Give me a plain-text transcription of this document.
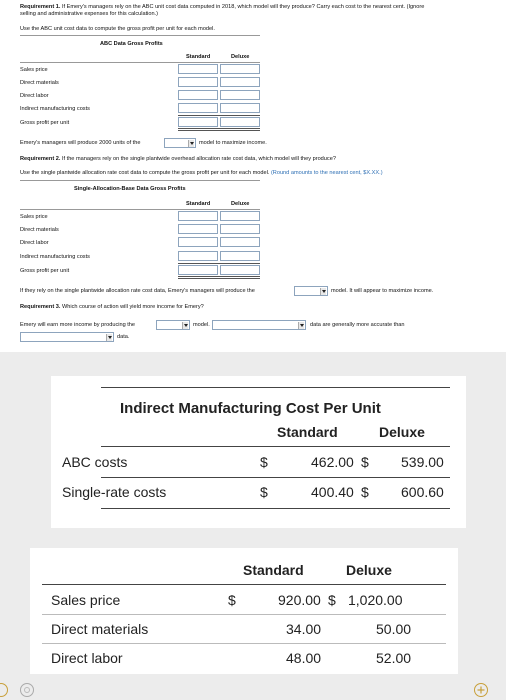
Requirement 1. If Emery's managers rely on the ABC unit cost data computed in 2018, which model will they produce? Carry each cost to the nearest cent. (Ignore
selling and administrative expenses for this calculation.)
Use the ABC unit cost data to compute the gross profit per unit for each model.
ABC Data Gross Profits
Standard	Deluxe
Sales price
Direct materials
Direct labor
Indirect manufacturing costs
Gross profit per unit
Emery's managers will produce 2000 units of the	model to maximize income.
Requirement 2. If the managers rely on the single plantwide overhead allocation rate cost data, which model will they produce?
Use the single plantwide allocation rate cost data to compute the gross profit per unit for each model. (Round amounts to the nearest cent, $X.XX.)
Single-Allocation-Base Data Gross Profits
Standard	Deluxe
Sales price
Direct materials
Direct labor
Indirect manufacturing costs
Gross profit per unit
If they rely on the single plantwide allocation rate cost data, Emery's managers will produce the	model. It will appear to maximize income.
Requirement 3. Which course of action will yield more income for Emery?
Emery will earn more income by producing the	model.	data are generally more accurate than
data.
Indirect Manufacturing Cost Per Unit
Standard	Deluxe
ABC costs	$	462.00 $ 539.00
Single-rate costs	$	400.40 $ 600.60
Standard	Deluxe
Sales price	$	920.00 $ 1,020.00
Direct materials	34.00	50.00
Direct labor	48.00	52.00
